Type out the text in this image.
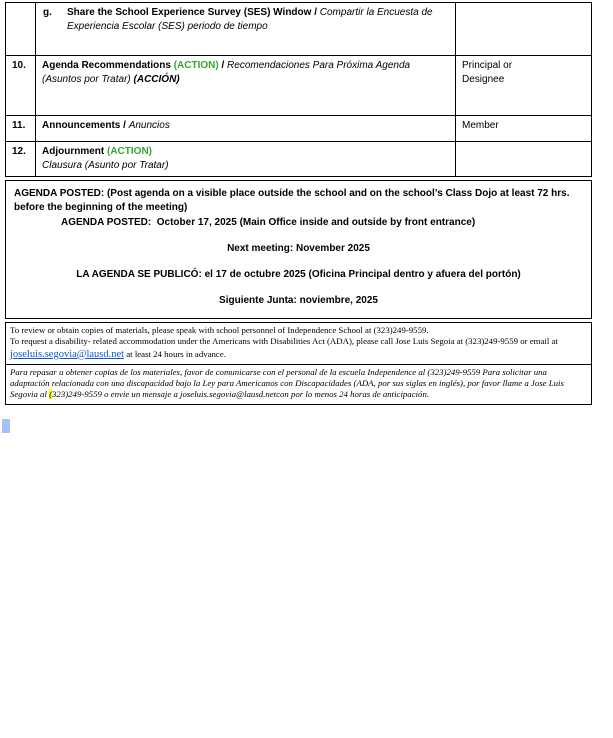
	g. Share the School Experience Survey (SES) Window / Compartir la Encuesta de Experiencia Escolar (SES) periodo de tiempo	

10.	Agenda Recommendations (ACTION) / Recomendaciones Para Próxima Agenda (Asuntos por Tratar) (ACCIÓN)	Principal or Designee

11.	Announcements / Anuncios	Member

12.	Adjournment (ACTION)
Clausura (Asunto por Tratar)	

AGENDA POSTED: (Post agenda on a visible place outside the school and on the school’s Class Dojo at least 72 hrs. before the beginning of the meeting)
AGENDA POSTED:  October 17, 2025 (Main Office inside and outside by front entrance)
Next meeting: November 2025
LA AGENDA SE PUBLICÓ: el 17 de octubre 2025 (Oficina Principal dentro y afuera del portón)
Siguiente Junta: noviembre, 2025
To review or obtain copies of materials, please speak with school personnel of Independence School at (323)249-9559.
To request a disability- related accommodation under the Americans with Disabilities Act (ADA), please call Jose Luis Segoia at (323)249-9559 or email at joseluis.segovia@lausd.net at least 24 hours in advance.
Para repasar u obtener copias de los materiales, favor de comunicarse con el personal de la escuela Independence al (323)249-9559 Para solicitar una adaptación relacionada con una discapacidad bajo la Ley para Americanos con Discapacidades (ADA, por sus siglas en inglés), por favor llame a Jose Luis Segovia al (323)249-9559 o envie un mensaje a joseluis.segovia@lausd.netcon por lo menos 24 horas de anticipación.
